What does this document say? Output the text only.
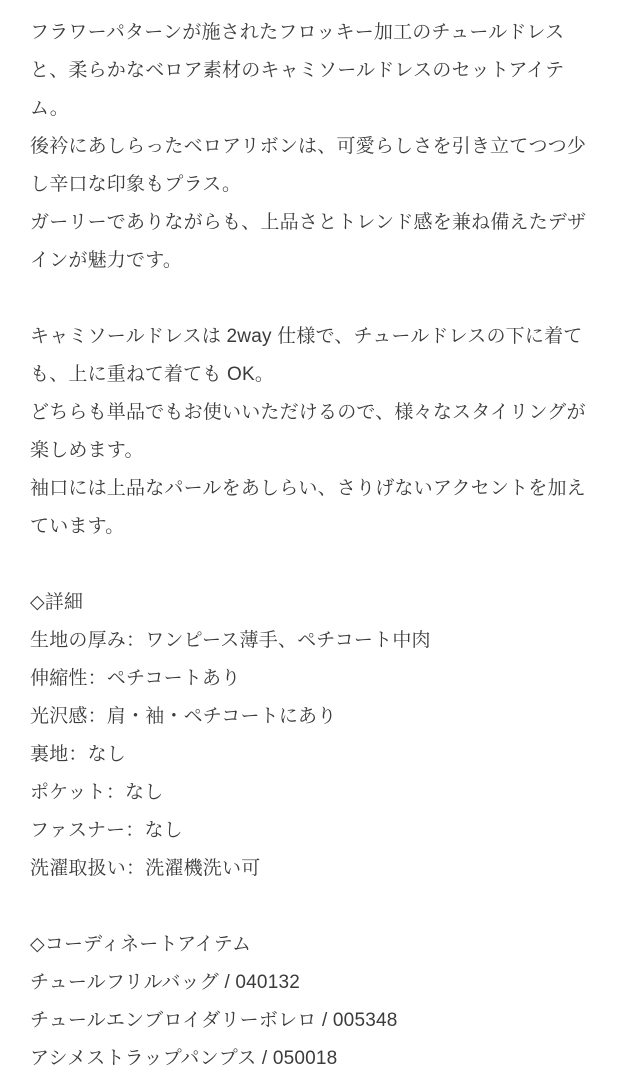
フラワーパターンが施されたフロッキー加工のチュールドレスと、柔らかなベロア素材のキャミソールドレスのセットアイテム。

後衿にあしらったベロアリボンは、可愛らしさを引き立てつつ少し辛口な印象もプラス。

ガーリーでありながらも、上品さとトレンド感を兼ね備えたデザインが魅力です。

キャミソールドレスは 2way 仕様で、チュールドレスの下に着ても、上に重ねて着ても OK。

どちらも単品でもお使いいただけるので、様々なスタイリングが楽しめます。

袖口には上品なパールをあしらい、さりげないアクセントを加えています。

◇詳細

生地の厚み：ワンピース薄手、ペチコート中肉

伸縮性：ペチコートあり

光沢感：肩・袖・ペチコートにあり

裏地：なし

ポケット：なし

ファスナー：なし

洗濯取扱い：洗濯機洗い可

◇コーディネートアイテム

チュールフリルバッグ / 040132

チュールエンブロイダリーボレロ / 005348

アシメストラップパンプス / 050018
